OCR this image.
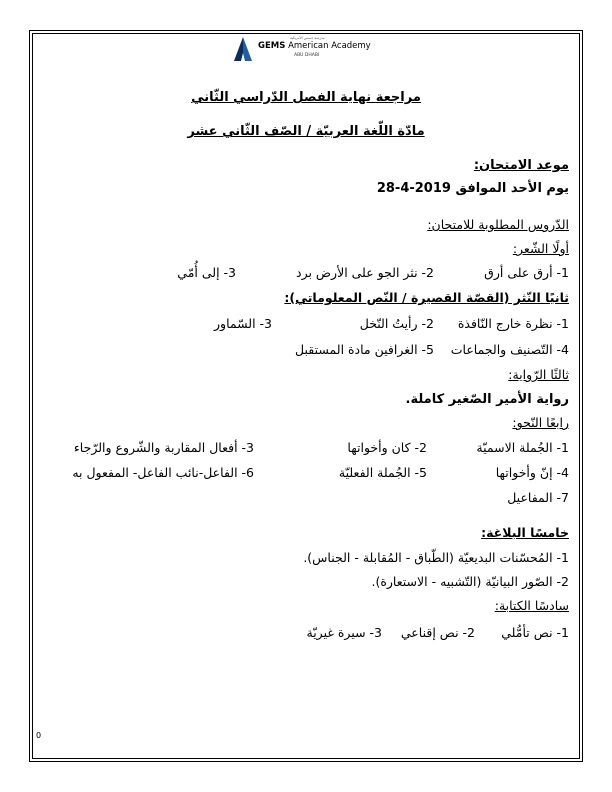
مدرسة جيمس الأمريكية
GEMS American Academy
ABU DHABI
مراجعة نهاية الفصل الدّراسي الثّاني
مادّة اللّغة العربيّة / الصّف الثّاني عشر
موعد الامتحان:
يوم الأحد الموافق 2019-4-28
الدّروس المطلوبة للامتحان:
أولًا الشّعر:
1- أرق على أرق
2- نثر الجو على الأرض برد
3- إلى أُمّي
ثانيًا النّثر (القصّة القصيرة / النّص المعلوماتي):
1- نظرة خارج النّافذة
2- رأيتُ النّخل
3- السّماور
4- التّصنيف والجماعات
5- الغرافين مادة المستقبل
ثالثًا الرّواية:
رواية الأمير الصّغير كاملة.
رابعًا النّحو:
1- الجُملة الاسميّة
2- كان وأخواتها
3- أفعال المقاربة والشّروع والرّجاء
4- إنّ وأخواتها
5- الجُملة الفعليّة
6- الفاعل-نائب الفاعل- المفعول به
7- المفاعيل
خامسًا البلاغة:
1- المُحسّنات البديعيّة (الطّباق - المُقابلة - الجناس).
2- الصّور البيانيّة (التّشبيه - الاستعارة).
سادسًا الكتابة:
1- نص تأمُّلي
2- نص إقناعي
3- سيرة غيريّة
0
